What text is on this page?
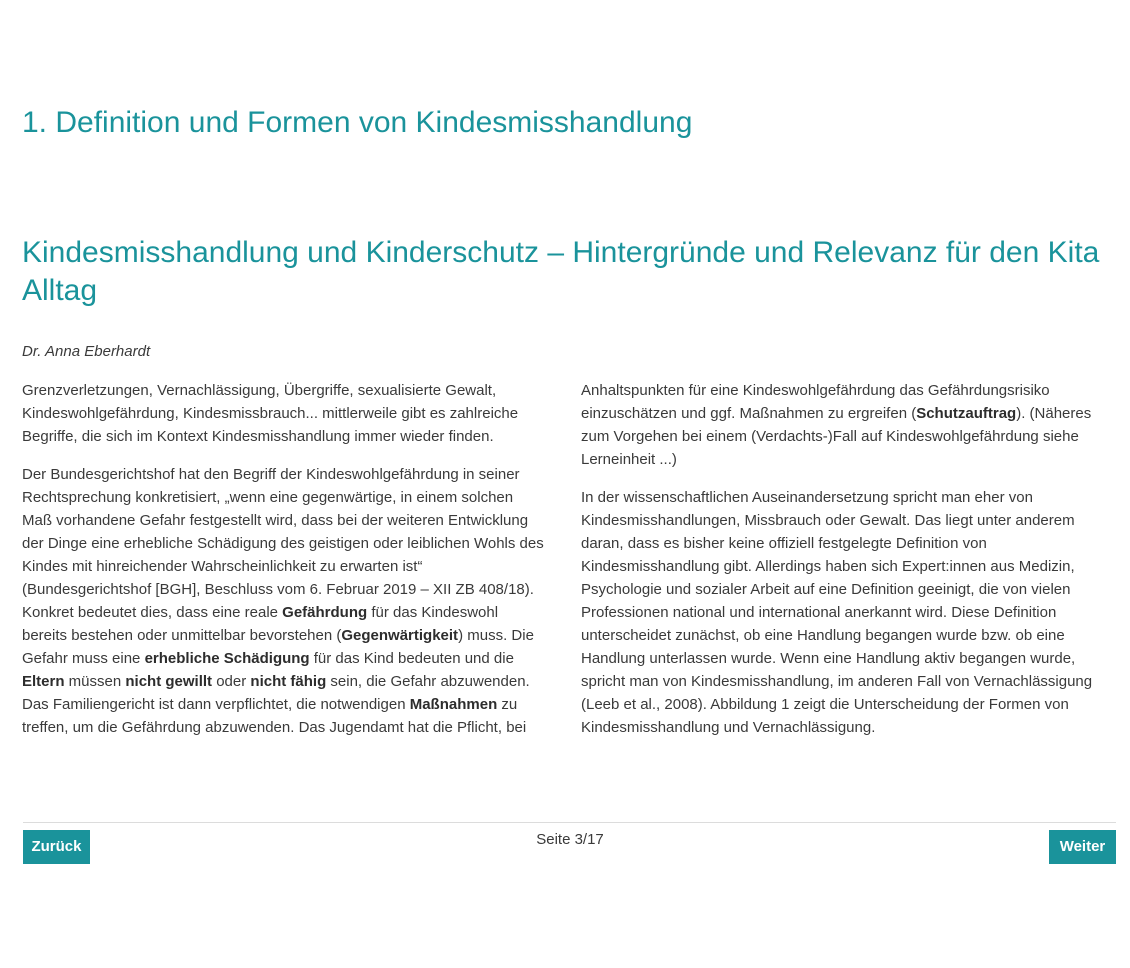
1. Definition und Formen von Kindesmisshandlung
Kindesmisshandlung und Kinderschutz – Hintergründe und Relevanz für den Kita Alltag

Dr. Anna Eberhardt

Grenzverletzungen, Vernachlässigung, Übergriffe, sexualisierte Gewalt, Kindeswohlgefährdung, Kindesmissbrauch... mittlerweile gibt es zahlreiche Begriffe, die sich im Kontext Kindesmisshandlung immer wieder finden.

Der Bundesgerichtshof hat den Begriff der Kindeswohlgefährdung in seiner Rechtsprechung konkretisiert, „wenn eine gegenwärtige, in einem solchen Maß vorhandene Gefahr festgestellt wird, dass bei der weiteren Entwicklung der Dinge eine erhebliche Schädigung des geistigen oder leiblichen Wohls des Kindes mit hinreichender Wahrscheinlichkeit zu erwarten ist“ (Bundesgerichtshof [BGH], Beschluss vom 6. Februar 2019 – XII ZB 408/18). Konkret bedeutet dies, dass eine reale Gefährdung für das Kindeswohl bereits bestehen oder unmittelbar bevorstehen (Gegenwärtigkeit) muss. Die Gefahr muss eine erhebliche Schädigung für das Kind bedeuten und die Eltern müssen nicht gewillt oder nicht fähig sein, die Gefahr abzuwenden. Das Familiengericht ist dann verpflichtet, die notwendigen Maßnahmen zu treffen, um die Gefährdung abzuwenden. Das Jugendamt hat die Pflicht, bei

Anhaltspunkten für eine Kindeswohlgefährdung das Gefährdungsrisiko einzuschätzen und ggf. Maßnahmen zu ergreifen (Schutzauftrag). (Näheres zum Vorgehen bei einem (Verdachts-)Fall auf Kindeswohlgefährdung siehe Lerneinheit ...)

In der wissenschaftlichen Auseinandersetzung spricht man eher von Kindesmisshandlungen, Missbrauch oder Gewalt. Das liegt unter anderem daran, dass es bisher keine offiziell festgelegte Definition von Kindesmisshandlung gibt. Allerdings haben sich Expert:innen aus Medizin, Psychologie und sozialer Arbeit auf eine Definition geeinigt, die von vielen Professionen national und international anerkannt wird. Diese Definition unterscheidet zunächst, ob eine Handlung begangen wurde bzw. ob eine Handlung unterlassen wurde. Wenn eine Handlung aktiv begangen wurde, spricht man von Kindesmisshandlung, im anderen Fall von Vernachlässigung (Leeb et al., 2008). Abbildung 1 zeigt die Unterscheidung der Formen von Kindesmisshandlung und Vernachlässigung.

Zurück	Seite 3/17	Weiter
